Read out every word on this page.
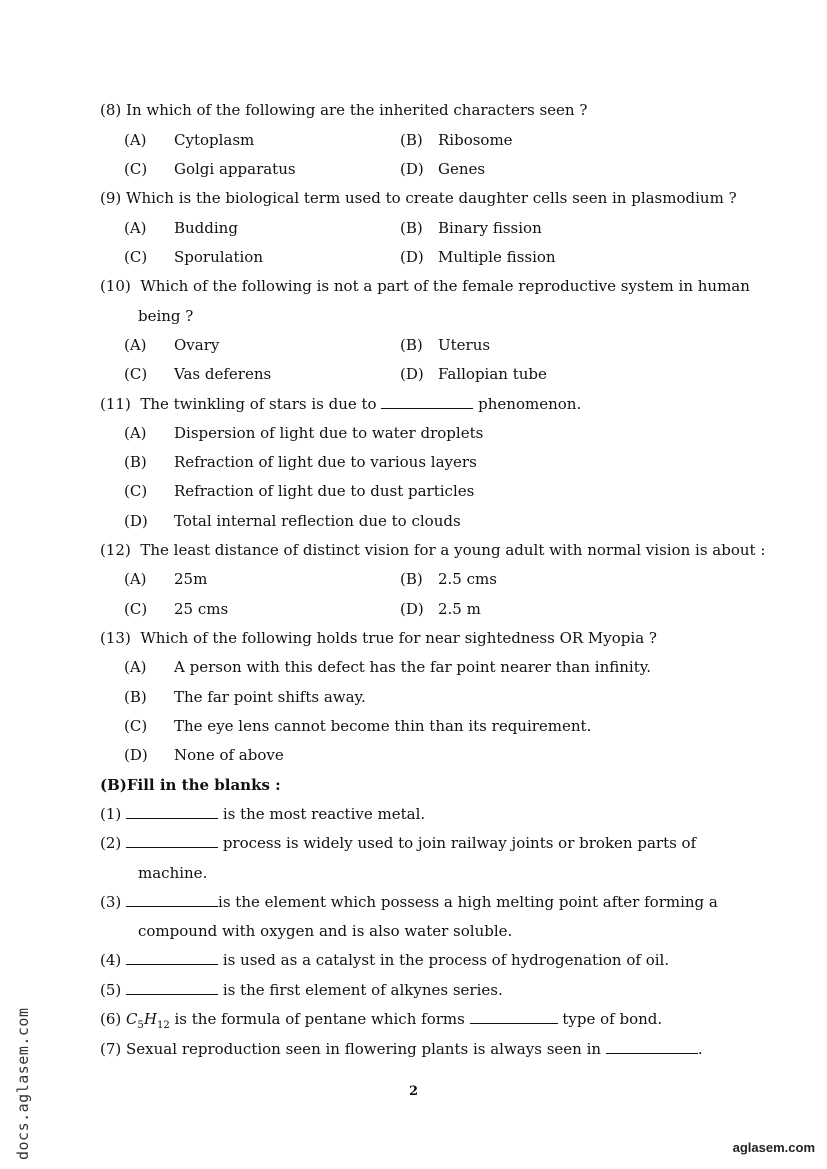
(8) In which of the following are the inherited characters seen ?
(A) Cytoplasm	(B) Ribosome
(C) Golgi apparatus	(D) Genes
(9) Which is the biological term used to create daughter cells seen in plasmodium ?
(A) Budding	(B) Binary fission
(C) Sporulation	(D) Multiple fission
(10) Which of the following is not a part of the female reproductive system in human
being ?
(A) Ovary	(B) Uterus
(C) Vas deferens	(D) Fallopian tube
(11) The twinkling of stars is due to	phenomenon.
(A) Dispersion of light due to water droplets
(B) Refraction of light due to various layers
(C) Refraction of light due to dust particles
(D) Total internal reflection due to clouds
(12) The least distance of distinct vision for a young adult with normal vision is about :
(A) 25m	(B) 2.5 cms
(C) 25 cms	(D) 2.5 m
(13) Which of the following holds true for near sightedness OR Myopia ?
(A) A person with this defect has the far point nearer than infinity.
(B) The far point shifts away.
(C) The eye lens cannot become thin than its requirement.
(D) None of above
(B)Fill in the blanks :
(1)	is the most reactive metal.
(2)	process is widely used to join railway joints or broken parts of
machine.
(3)	is the element which possess a high melting point after forming a
compound with oxygen and is also water soluble.
(4)	is used as a catalyst in the process of hydrogenation of oil.
(5)	is the first element of alkynes series.
(6) $C_5H_{12}$ is the formula of pentane which forms	type of bond.
(7) Sexual reproduction seen in flowering plants is always seen in	.
2
docs.aglasem.com	aglasem.com
